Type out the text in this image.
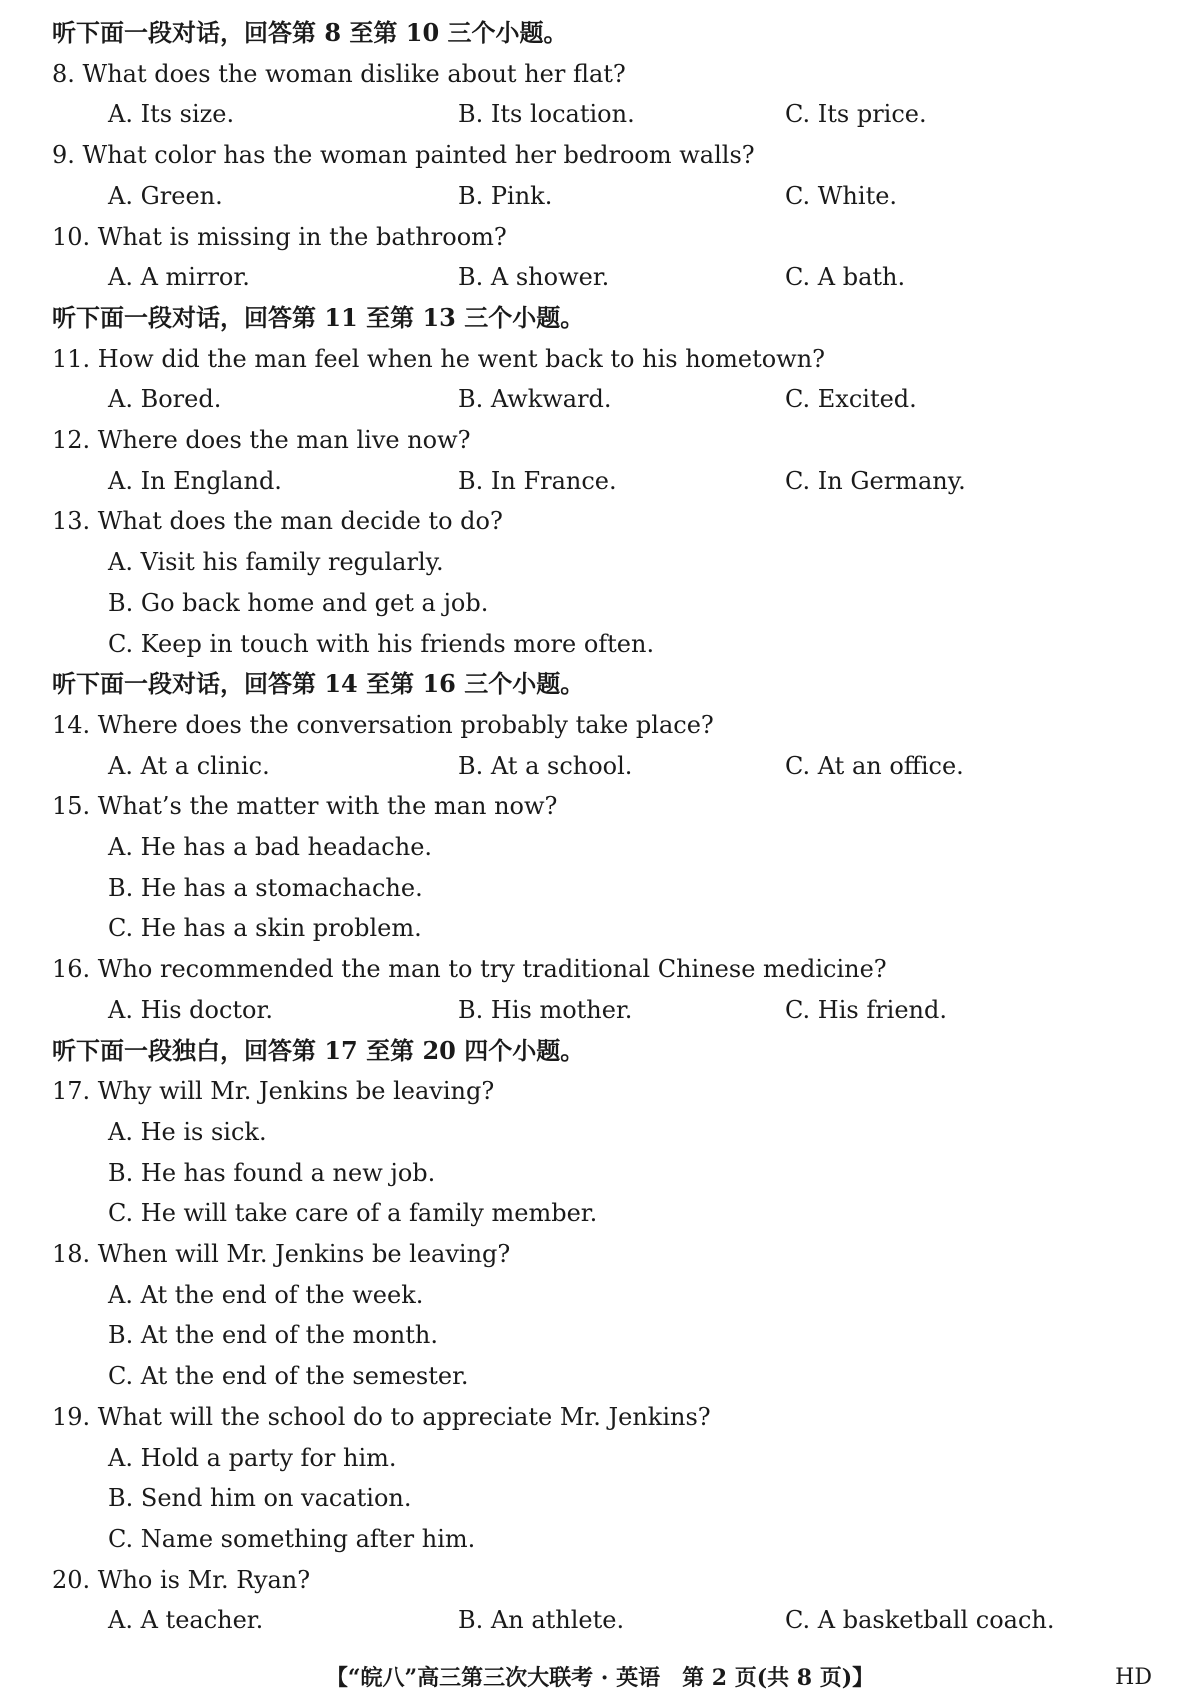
听下面一段对话，回答第 8 至第 10 三个小题。
8. What does the woman dislike about her flat?
A. Its size.	B. Its location.	C. Its price.
9. What color has the woman painted her bedroom walls?
A. Green.	B. Pink.	C. White.
10. What is missing in the bathroom?
A. A mirror.	B. A shower.	C. A bath.
听下面一段对话，回答第 11 至第 13 三个小题。
11. How did the man feel when he went back to his hometown?
A. Bored.	B. Awkward.	C. Excited.
12. Where does the man live now?
A. In England.	B. In France.	C. In Germany.
13. What does the man decide to do?
A. Visit his family regularly.
B. Go back home and get a job.
C. Keep in touch with his friends more often.
听下面一段对话，回答第 14 至第 16 三个小题。
14. Where does the conversation probably take place?
A. At a clinic.	B. At a school.	C. At an office.
15. What’s the matter with the man now?
A. He has a bad headache.
B. He has a stomachache.
C. He has a skin problem.
16. Who recommended the man to try traditional Chinese medicine?
A. His doctor.	B. His mother.	C. His friend.
听下面一段独白，回答第 17 至第 20 四个小题。
17. Why will Mr. Jenkins be leaving?
A. He is sick.
B. He has found a new job.
C. He will take care of a family member.
18. When will Mr. Jenkins be leaving?
A. At the end of the week.
B. At the end of the month.
C. At the end of the semester.
19. What will the school do to appreciate Mr. Jenkins?
A. Hold a party for him.
B. Send him on vacation.
C. Name something after him.
20. Who is Mr. Ryan?
A. A teacher.	B. An athlete.	C. A basketball coach.
【“皖八”高三第三次大联考 · 英语　第 2 页(共 8 页)】	HD
